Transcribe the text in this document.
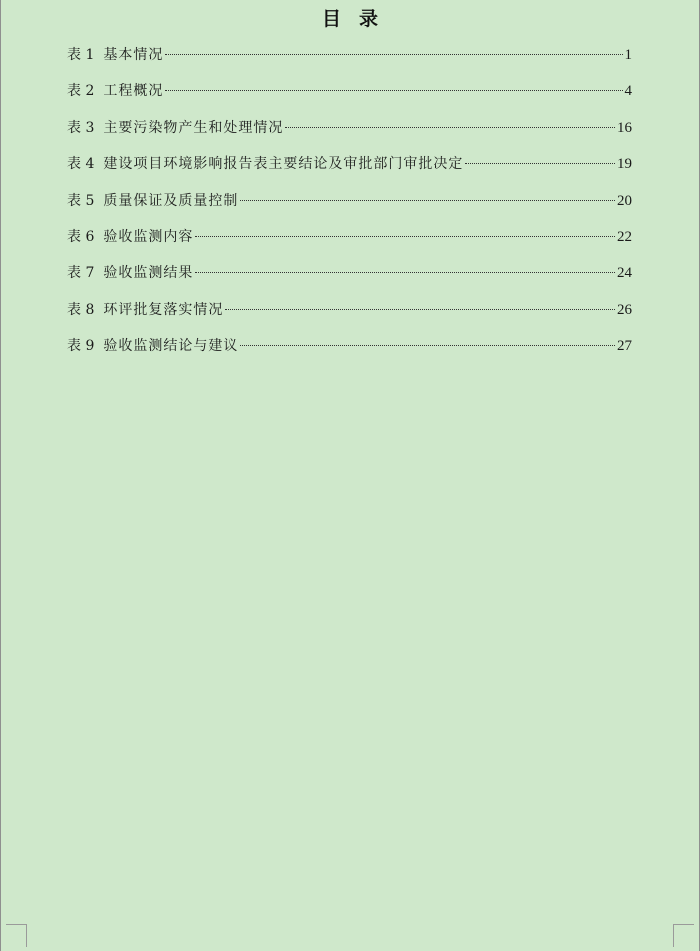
目录
表 1 基本情况	1
表 2 工程概况	4
表 3 主要污染物产生和处理情况	16
表 4 建设项目环境影响报告表主要结论及审批部门审批决定	19
表 5 质量保证及质量控制	20
表 6 验收监测内容	22
表 7 验收监测结果	24
表 8 环评批复落实情况	26
表 9 验收监测结论与建议	27
